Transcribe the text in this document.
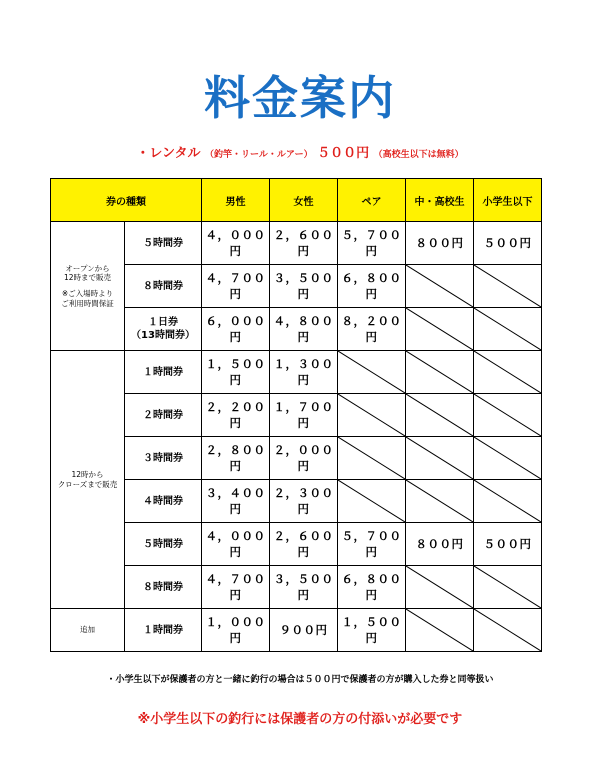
料金案内
・レンタル （釣竿・リール・ルアー） ５００円 （高校生以下は無料）
券の種類		男性	女性	ペア	中・高校生	小学生以下
オープンから
12時まで販売
※ご入場時より
ご利用時間保証	５時間券	４，０００円	２，６００円	５，７００円	８００円	５００円
	８時間券	４，７００円	３，５００円	６，８００円	

	１日券
（13時間券）	６，０００円	４，８００円	８，２００円	

12時から
クローズまで販売	１時間券	１，５００円	１，３００円	

	２時間券	２，２００円	１，７００円	

	３時間券	２，８００円	２，０００円	

	４時間券	３，４００円	２，３００円	

	５時間券	４，０００円	２，６００円	５，７００円	８００円	５００円
	８時間券	４，７００円	３，５００円	６，８００円	

追加	１時間券	１，０００円	９００円	１，５００円	

・小学生以下が保護者の方と一緒に釣行の場合は５００円で保護者の方が購入した券と同等扱い
※小学生以下の釣行には保護者の方の付添いが必要です
